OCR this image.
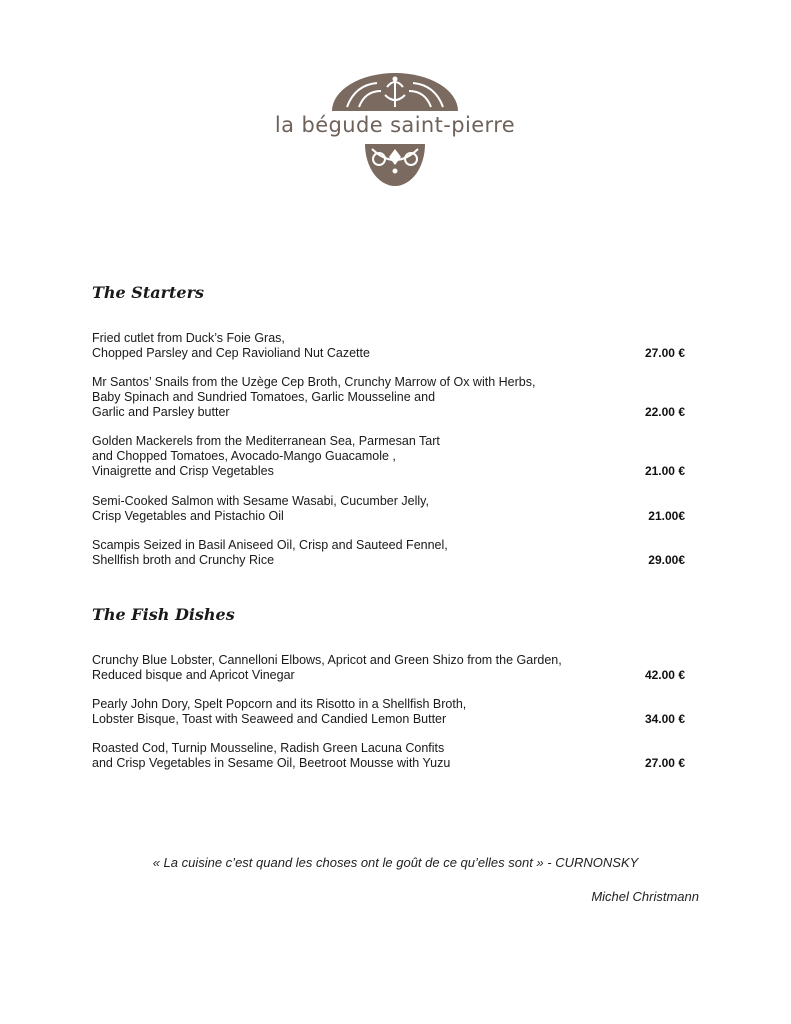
la bégude saint-pierre
The Starters
Fried cutlet from Duck’s Foie Gras,
Chopped Parsley and Cep Ravioliand Nut Cazette	27.00 €
Mr Santos’ Snails from the Uzège Cep Broth, Crunchy Marrow of Ox with Herbs,
Baby Spinach and Sundried Tomatoes, Garlic Mousseline and
Garlic and Parsley butter	22.00 €
Golden Mackerels from the Mediterranean Sea, Parmesan Tart
and Chopped Tomatoes, Avocado-Mango Guacamole ,
Vinaigrette and Crisp Vegetables	21.00 €
Semi-Cooked Salmon with Sesame Wasabi, Cucumber Jelly,
Crisp Vegetables and Pistachio Oil	21.00€
Scampis Seized in Basil Aniseed Oil, Crisp and Sauteed Fennel,
Shellfish broth and Crunchy Rice	29.00€
The Fish Dishes
Crunchy Blue Lobster, Cannelloni Elbows, Apricot and Green Shizo from the Garden,
Reduced bisque and Apricot Vinegar	42.00 €
Pearly John Dory, Spelt Popcorn and its Risotto in a Shellfish Broth,
Lobster Bisque, Toast with Seaweed and Candied Lemon Butter	34.00 €
Roasted Cod, Turnip Mousseline, Radish Green Lacuna Confits
and Crisp Vegetables in Sesame Oil, Beetroot Mousse with Yuzu	27.00 €
« La cuisine c’est quand les choses ont le goût de ce qu’elles sont » - CURNONSKY
Michel Christmann
